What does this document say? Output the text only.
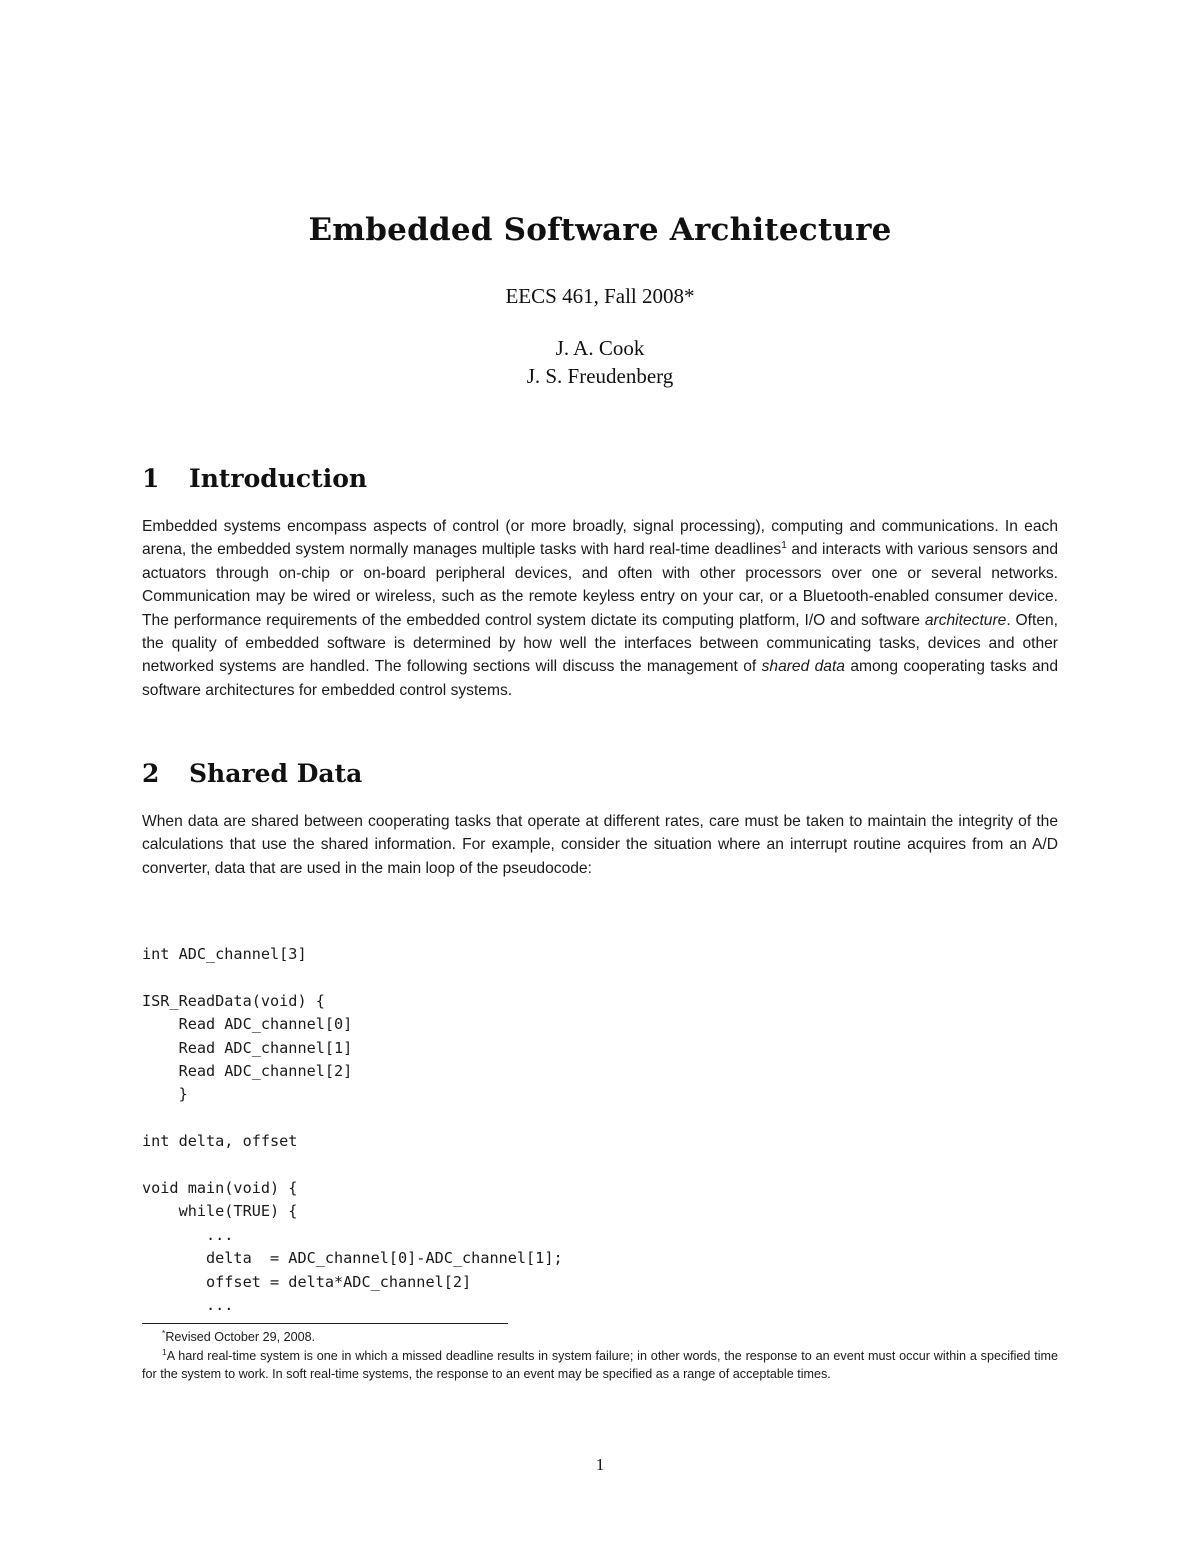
Embedded Software Architecture
EECS 461, Fall 2008*
J. A. Cook
J. S. Freudenberg
1 Introduction
Embedded systems encompass aspects of control (or more broadly, signal processing), computing and communications. In each arena, the embedded system normally manages multiple tasks with hard real-time deadlines$^1$ and interacts with various sensors and actuators through on-chip or on-board peripheral devices, and often with other processors over one or several networks. Communication may be wired or wireless, such as the remote keyless entry on your car, or a Bluetooth-enabled consumer device. The performance requirements of the embedded control system dictate its computing platform, I/O and software architecture. Often, the quality of embedded software is determined by how well the interfaces between communicating tasks, devices and other networked systems are handled. The following sections will discuss the management of shared data among cooperating tasks and software architectures for embedded control systems.
2 Shared Data
When data are shared between cooperating tasks that operate at different rates, care must be taken to maintain the integrity of the calculations that use the shared information. For example, consider the situation where an interrupt routine acquires from an A/D converter, data that are used in the main loop of the pseudocode:
int ADC_channel[3]

ISR_ReadData(void) {
Read ADC_channel[0]
Read ADC_channel[1]
Read ADC_channel[2]
}

int delta, offset

void main(void) {
while(TRUE) {
...
delta  = ADC_channel[0]-ADC_channel[1];
offset = delta*ADC_channel[2]
...
*Revised October 29, 2008.
$^1$A hard real-time system is one in which a missed deadline results in system failure; in other words, the response to an event must occur within a specified time for the system to work. In soft real-time systems, the response to an event may be specified as a range of acceptable times.
1
